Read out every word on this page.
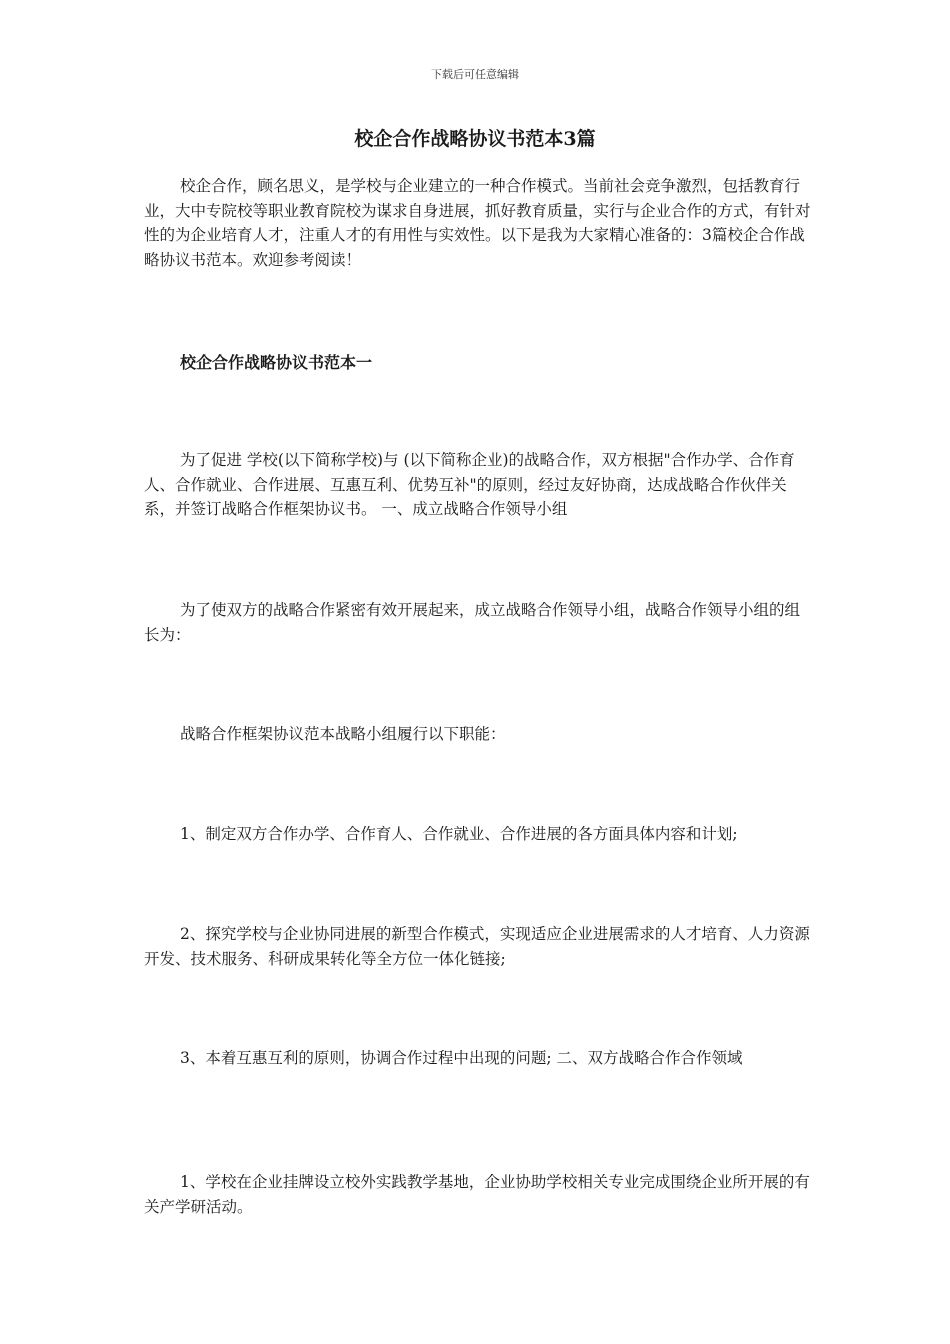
下载后可任意编辑
校企合作战略协议书范本3篇

校企合作，顾名思义，是学校与企业建立的一种合作模式。当前社会竞争激烈，包括教育行业，大中专院校等职业教育院校为谋求自身进展，抓好教育质量，实行与企业合作的方式，有针对性的为企业培育人才，注重人才的有用性与实效性。以下是我为大家精心准备的：3篇校企合作战略协议书范本。欢迎参考阅读！

校企合作战略协议书范本一

为了促进 学校(以下简称学校)与 (以下简称企业)的战略合作，双方根据"合作办学、合作育人、合作就业、合作进展、互惠互利、优势互补"的原则，经过友好协商，达成战略合作伙伴关系，并签订战略合作框架协议书。 一、成立战略合作领导小组

为了使双方的战略合作紧密有效开展起来，成立战略合作领导小组，战略合作领导小组的组长为：

战略合作框架协议范本战略小组履行以下职能：

1、制定双方合作办学、合作育人、合作就业、合作进展的各方面具体内容和计划;

2、探究学校与企业协同进展的新型合作模式，实现适应企业进展需求的人才培育、人力资源开发、技术服务、科研成果转化等全方位一体化链接;

3、本着互惠互利的原则，协调合作过程中出现的问题; 二、双方战略合作合作领域

1、学校在企业挂牌设立校外实践教学基地，企业协助学校相关专业完成围绕企业所开展的有关产学研活动。
